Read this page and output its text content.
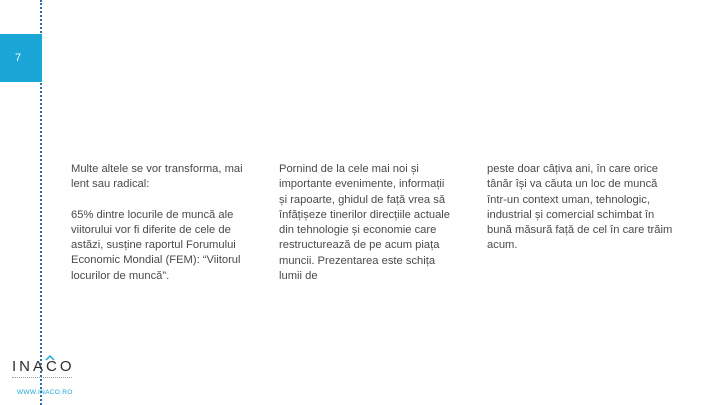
7

Multe altele se vor transforma, mai lent sau radical:

65% dintre locurile de muncă ale viitorului vor fi diferite de cele de astăzi, susține raportul Forumului Economic Mondial (FEM): “Viitorul locurilor de muncă”.

Pornind de la cele mai noi și importante evenimente, informații și rapoarte, ghidul de față vrea să înfățișeze tinerilor direcțiile actuale din tehnologie și economie care restructurează de pe acum piața muncii. Prezentarea este schița lumii de

peste doar câțiva ani, în care orice tânăr își va căuta un loc de muncă într-un context uman, tehnologic, industrial și comercial schimbat în bună măsură față de cel în care trăim acum.

INACO
WWW.INACO.RO
